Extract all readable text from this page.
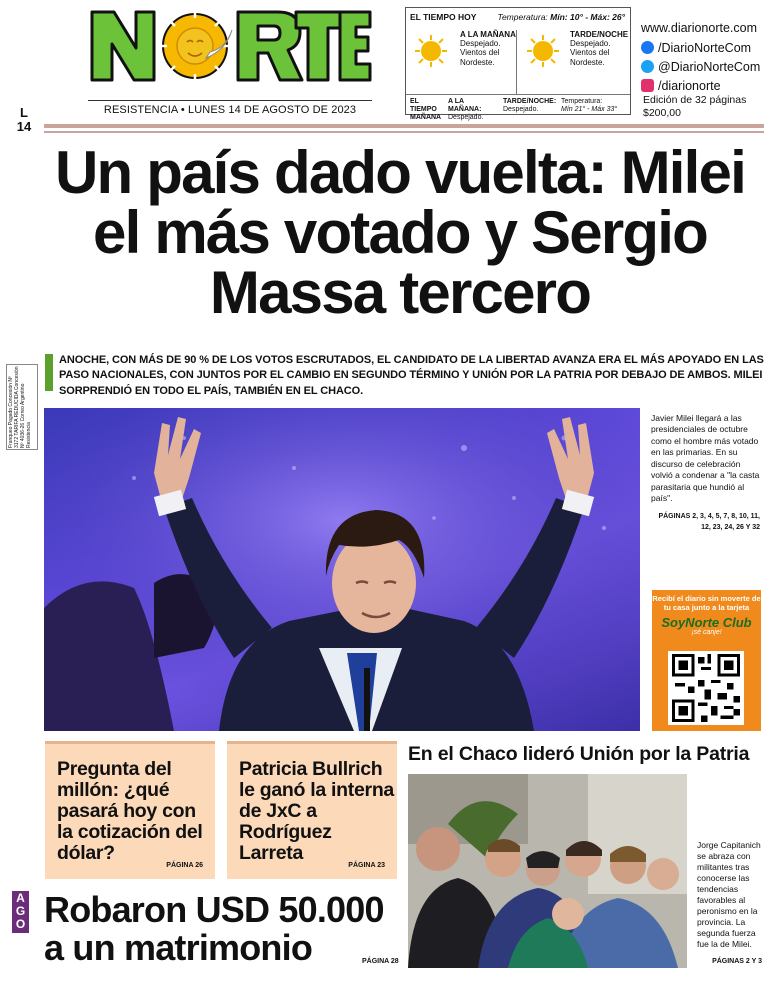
RESISTENCIA • LUNES 14 DE AGOSTO DE 2023
L
14
EL TIEMPO HOY Temperatura: Mín: 10° - Máx: 26°
A LA MAÑANA
Despejado. Vientos del Nordeste.
TARDE/NOCHE
Despejado. Vientos del Nordeste.
EL TIEMPO MAÑANA
A LA MAÑANA:
Despejado.
TARDE/NOCHE:
Despejado.
Temperatura:
Mín 21° - Máx 33°
www.diarionorte.com
/DiarioNorteCom
@DiarioNorteCom
/diarionorte
Edición de 32 páginas
$200,00
Un país dado vuelta: Milei el más votado y Sergio Massa tercero

ANOCHE, CON MÁS DE 90 % DE LOS VOTOS ESCRUTADOS, EL CANDIDATO DE LA LIBERTAD AVANZA ERA EL MÁS APOYADO EN LAS PASO NACIONALES, CON JUNTOS POR EL CAMBIO EN SEGUNDO TÉRMINO Y UNIÓN POR LA PATRIA POR DEBAJO DE AMBOS. MILEI SORPRENDIÓ EN TODO EL PAÍS, TAMBIÉN EN EL CHACO.

Franqueo Pagado Concesión Nº 3172 TARIFA REDUCIDA Concesión Nº 4036-26 Correo Argentino Resistencia

Javier Milei llegará a las presidenciales de octubre como el hombre más votado en las primarias. En su discurso de celebración volvió a condenar a "la casta parasitaria que hundió al país".

PÁGINAS 2, 3, 4, 5, 7, 8, 10, 11, 12, 23, 24, 26 Y 32

Recibí el diario sin moverte de tu casa junto a la tarjeta
SoyNorte Club
¡sé canje!
Pregunta del millón: ¿qué pasará hoy con la cotización del dólar?
PÁGINA 26
Patricia Bullrich le ganó la interna de JxC a Rodríguez Larreta
PÁGINA 23
En el Chaco lideró Unión por la Patria

Jorge Capitanich se abraza con militantes tras conocerse las tendencias favorables al peronismo en la provincia. La segunda fuerza fue la de Milei.

PÁGINAS 2 Y 3
AGO Robaron USD 50.000 a un matrimonio	PÁGINA 28
